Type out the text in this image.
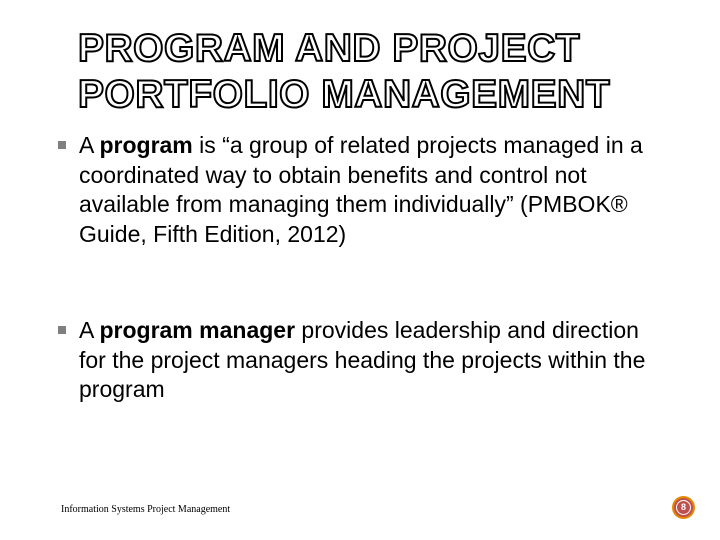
PROGRAM AND PROJECT
PORTFOLIO MANAGEMENT
A program is “a group of related projects managed in a coordinated way to obtain benefits and control not available from managing them individually” (PMBOK® Guide, Fifth Edition, 2012)
A program manager provides leadership and direction for the project managers heading the projects within the program
Information Systems Project Management	8
